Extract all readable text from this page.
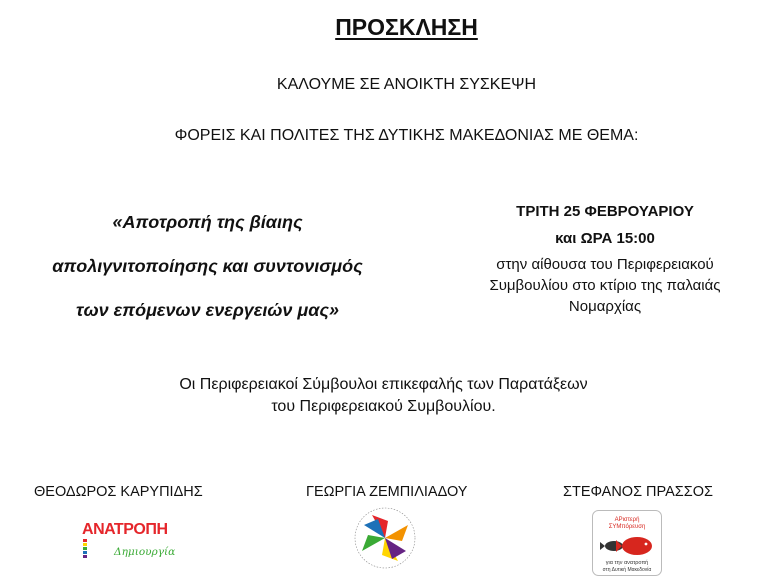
ΠΡΟΣΚΛΗΣΗ
ΚΑΛΟΥΜΕ ΣΕ ΑΝΟΙΚΤΗ ΣΥΣΚΕΨΗ
ΦΟΡΕΙΣ ΚΑΙ ΠΟΛΙΤΕΣ ΤΗΣ ΔΥΤΙΚΗΣ ΜΑΚΕΔΟΝΙΑΣ ΜΕ ΘΕΜΑ:
«Αποτροπή της βίαιης
απολιγνιτοποίησης και συντονισμός
των επόμενων ενεργειών μας»
ΤΡΙΤΗ 25 ΦΕΒΡΟΥΑΡΙΟΥ
και ΩΡΑ 15:00
στην αίθουσα του Περιφερειακού
Συμβουλίου στο κτίριο της παλαιάς
Νομαρχίας
Οι Περιφερειακοί Σύμβουλοι επικεφαλής των Παρατάξεων
του Περιφερειακού Συμβουλίου.
ΘΕΟΔΩΡΟΣ ΚΑΡΥΠΙΔΗΣ	ΓΕΩΡΓΙΑ ΖΕΜΠΙΛΙΑΔΟΥ	ΣΤΕΦΑΝΟΣ ΠΡΑΣΣΟΣ
ΑΝΑΤΡΟΠΗ
Δημιουργία
ΑΡιστερή
ΣΥΜπόρευση
για την ανατροπή
στη Δυτική Μακεδονία
